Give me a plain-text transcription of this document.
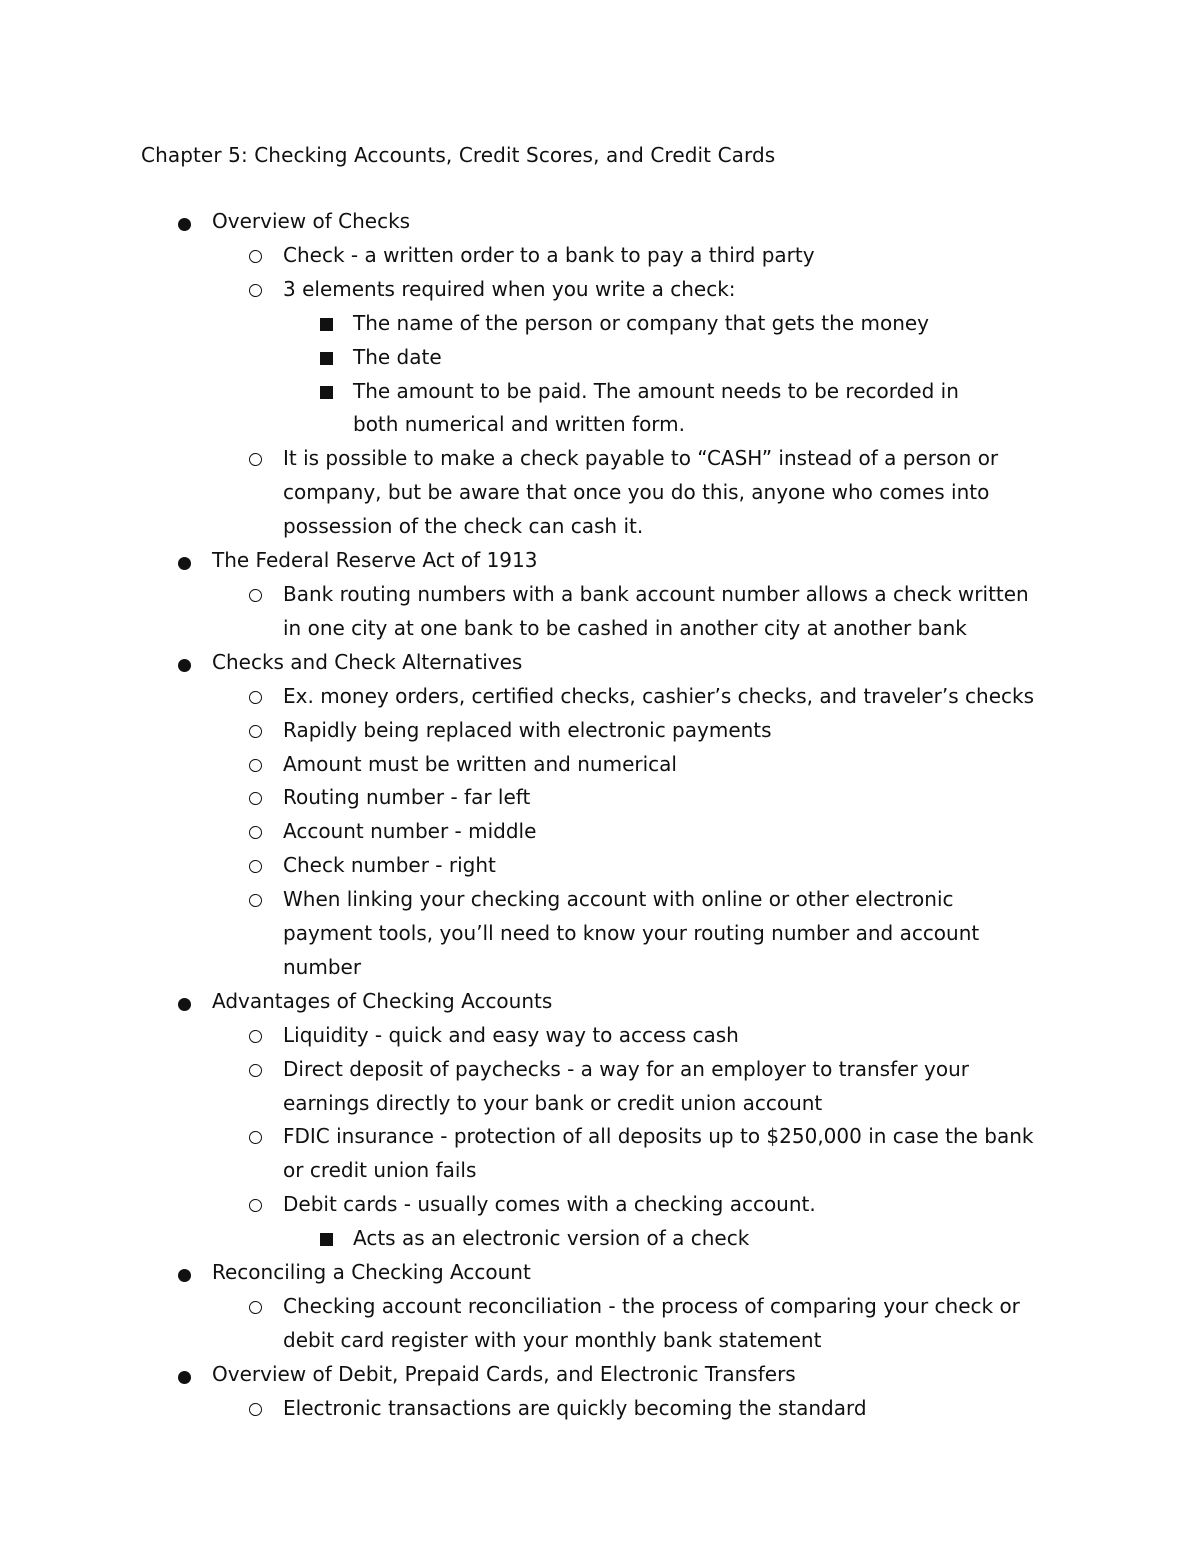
Chapter 5: Checking Accounts, Credit Scores, and Credit Cards
Overview of Checks
Check - a written order to a bank to pay a third party
3 elements required when you write a check:
The name of the person or company that gets the money
The date
The amount to be paid. The amount needs to be recorded in both numerical and written form.
It is possible to make a check payable to “CASH” instead of a person or company, but be aware that once you do this, anyone who comes into possession of the check can cash it.
The Federal Reserve Act of 1913
Bank routing numbers with a bank account number allows a check written in one city at one bank to be cashed in another city at another bank
Checks and Check Alternatives
Ex. money orders, certified checks, cashier’s checks, and traveler’s checks
Rapidly being replaced with electronic payments
Amount must be written and numerical
Routing number - far left
Account number - middle
Check number - right
When linking your checking account with online or other electronic payment tools, you’ll need to know your routing number and account number
Advantages of Checking Accounts
Liquidity - quick and easy way to access cash
Direct deposit of paychecks - a way for an employer to transfer your earnings directly to your bank or credit union account
FDIC insurance - protection of all deposits up to $250,000 in case the bank or credit union fails
Debit cards - usually comes with a checking account.
Acts as an electronic version of a check
Reconciling a Checking Account
Checking account reconciliation - the process of comparing your check or debit card register with your monthly bank statement
Overview of Debit, Prepaid Cards, and Electronic Transfers
Electronic transactions are quickly becoming the standard
